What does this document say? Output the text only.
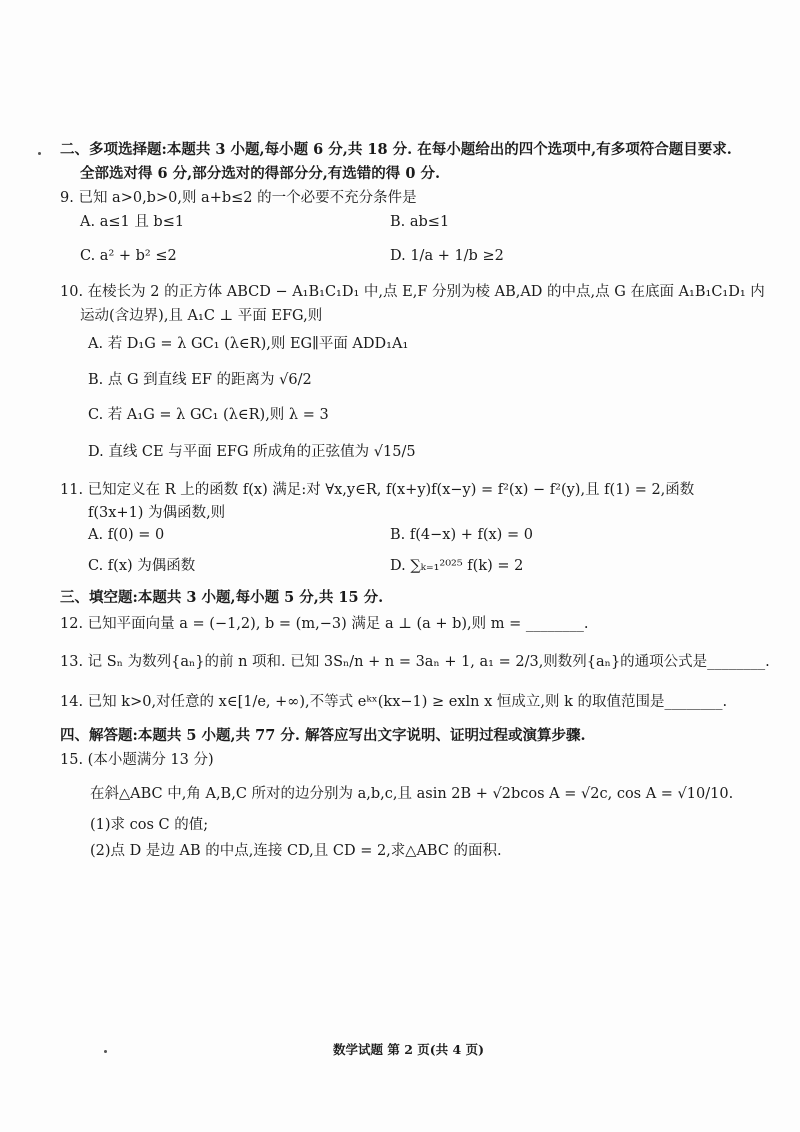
二、多项选择题:本题共 3 小题,每小题 6 分,共 18 分. 在每小题给出的四个选项中,有多项符合题目要求.
全部选对得 6 分,部分选对的得部分分,有选错的得 0 分.
9. 已知 a>0,b>0,则 a+b≤2 的一个必要不充分条件是
A. a≤1 且 b≤1	B. ab≤1
C. a² + b² ≤2	D. 1/a + 1/b ≥2
10. 在棱长为 2 的正方体 ABCD − A₁B₁C₁D₁ 中,点 E,F 分别为棱 AB,AD 的中点,点 G 在底面 A₁B₁C₁D₁ 内
运动(含边界),且 A₁C ⊥ 平面 EFG,则
A. 若 D₁G = λ GC₁ (λ∈R),则 EG∥平面 ADD₁A₁
B. 点 G 到直线 EF 的距离为 √6/2
C. 若 A₁G = λ GC₁ (λ∈R),则 λ = 3
D. 直线 CE 与平面 EFG 所成角的正弦值为 √15/5
11. 已知定义在 R 上的函数 f(x) 满足:对 ∀x,y∈R, f(x+y)f(x−y) = f²(x) − f²(y),且 f(1) = 2,函数
f(3x+1) 为偶函数,则
A. f(0) = 0	B. f(4−x) + f(x) = 0
C. f(x) 为偶函数	D. ∑ₖ₌₁²⁰²⁵ f(k) = 2
三、填空题:本题共 3 小题,每小题 5 分,共 15 分.
12. 已知平面向量 a = (−1,2), b = (m,−3) 满足 a ⊥ (a + b),则 m = ________.
13. 记 Sₙ 为数列{aₙ}的前 n 项和. 已知 3Sₙ/n + n = 3aₙ + 1, a₁ = 2/3,则数列{aₙ}的通项公式是________.
14. 已知 k>0,对任意的 x∈[1/e, +∞),不等式 eᵏˣ(kx−1) ≥ exln x 恒成立,则 k 的取值范围是________.
四、解答题:本题共 5 小题,共 77 分. 解答应写出文字说明、证明过程或演算步骤.
15. (本小题满分 13 分)
在斜△ABC 中,角 A,B,C 所对的边分别为 a,b,c,且 asin 2B + √2bcos A = √2c, cos A = √10/10.
(1)求 cos C 的值;
(2)点 D 是边 AB 的中点,连接 CD,且 CD = 2,求△ABC 的面积.
数学试题 第 2 页(共 4 页)
